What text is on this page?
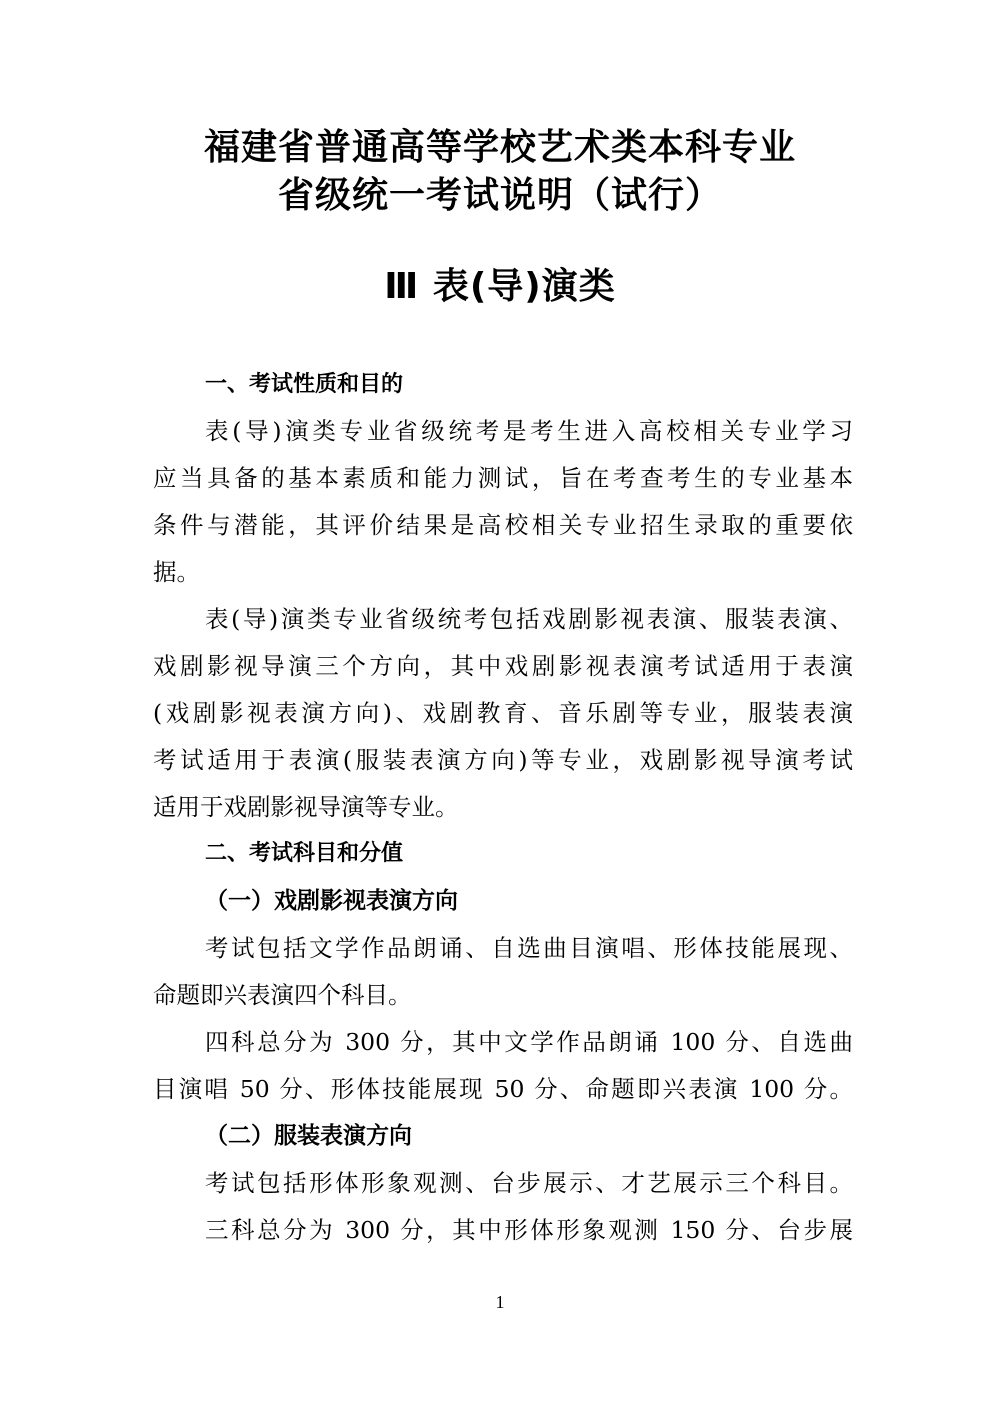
福建省普通高等学校艺术类本科专业
省级统一考试说明（试行）
Ⅲ 表(导)演类
一、考试性质和目的
表(导)演类专业省级统考是考生进入高校相关专业学习
应当具备的基本素质和能力测试，旨在考查考生的专业基本
条件与潜能，其评价结果是高校相关专业招生录取的重要依
据。
表(导)演类专业省级统考包括戏剧影视表演、服装表演、
戏剧影视导演三个方向，其中戏剧影视表演考试适用于表演
(戏剧影视表演方向)、戏剧教育、音乐剧等专业，服装表演
考试适用于表演(服装表演方向)等专业，戏剧影视导演考试
适用于戏剧影视导演等专业。
二、考试科目和分值
（一）戏剧影视表演方向
考试包括文学作品朗诵、自选曲目演唱、形体技能展现、
命题即兴表演四个科目。
四科总分为 300 分，其中文学作品朗诵 100 分、自选曲
目演唱 50 分、形体技能展现 50 分、命题即兴表演 100 分。
（二）服装表演方向
考试包括形体形象观测、台步展示、才艺展示三个科目。
三科总分为 300 分，其中形体形象观测 150 分、台步展
1
